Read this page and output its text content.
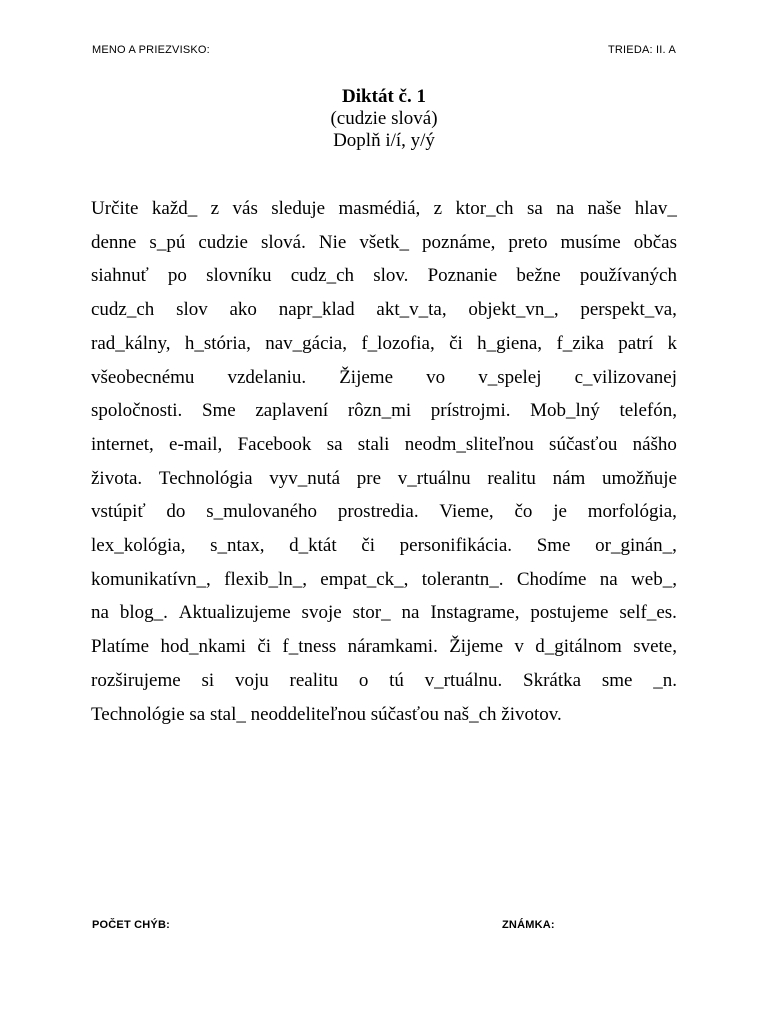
MENO A PRIEZVISKO:	TRIEDA: II. A
Diktát č. 1
(cudzie slová)
Doplň i/í, y/ý
Určite každ_ z vás sleduje masmédiá, z ktor_ch sa na naše hlav_
denne s_pú cudzie slová. Nie všetk_ poznáme, preto musíme občas
siahnuť po slovníku cudz_ch slov. Poznanie bežne používaných
cudz_ch slov ako napr_klad akt_v_ta, objekt_vn_, perspekt_va,
rad_kálny, h_stória, nav_gácia, f_lozofia, či h_giena, f_zika patrí k
všeobecnému vzdelaniu. Žijeme vo v_spelej c_vilizovanej
spoločnosti. Sme zaplavení rôzn_mi prístrojmi. Mob_lný telefón,
internet, e-mail, Facebook sa stali neodm_sliteľnou súčasťou nášho
života. Technológia vyv_nutá pre v_rtuálnu realitu nám umožňuje
vstúpiť do s_mulovaného prostredia. Vieme, čo je morfológia,
lex_kológia, s_ntax, d_ktát či personifikácia. Sme or_ginán_,
komunikatívn_, flexib_ln_, empat_ck_, tolerantn_. Chodíme na web_,
na blog_. Aktualizujeme svoje stor_ na Instagrame, postujeme self_es.
Platíme hod_nkami či f_tness náramkami. Žijeme v d_gitálnom svete,
rozširujeme si voju realitu o tú v_rtuálnu. Skrátka sme _n.
Technológie sa stal_ neoddeliteľnou súčasťou naš_ch životov.
POČET CHÝB:	ZNÁMKA:
